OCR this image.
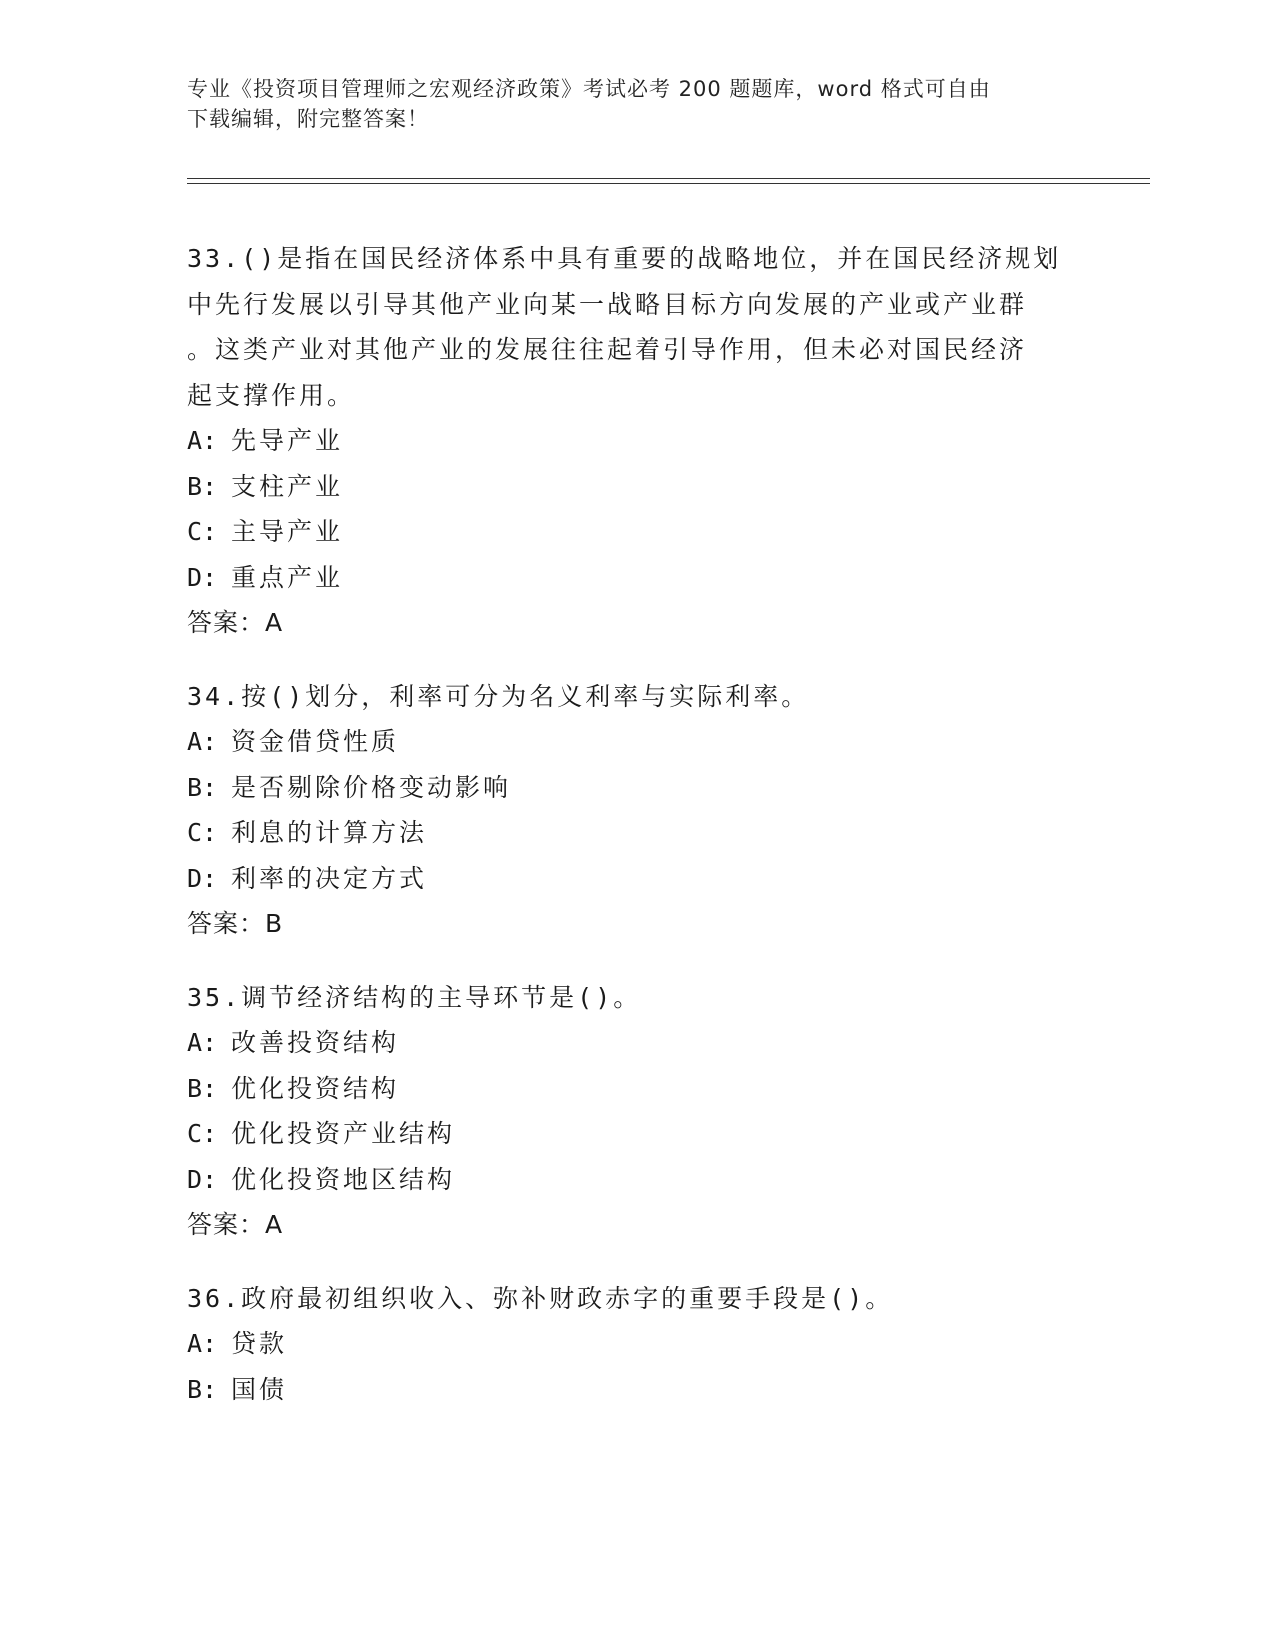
专业《投资项目管理师之宏观经济政策》考试必考 200 题题库，word 格式可自由
下载编辑，附完整答案！

33.()是指在国民经济体系中具有重要的战略地位，并在国民经济规划
中先行发展以引导其他产业向某一战略目标方向发展的产业或产业群
。这类产业对其他产业的发展往往起着引导作用，但未必对国民经济
起支撑作用。

A: 先导产业
B: 支柱产业
C: 主导产业
D: 重点产业

答案：A

34.按()划分，利率可分为名义利率与实际利率。

A: 资金借贷性质
B: 是否剔除价格变动影响
C: 利息的计算方法
D: 利率的决定方式

答案：B

35.调节经济结构的主导环节是()。

A: 改善投资结构
B: 优化投资结构
C: 优化投资产业结构
D: 优化投资地区结构

答案：A

36.政府最初组织收入、弥补财政赤字的重要手段是()。

A: 贷款
B: 国债
